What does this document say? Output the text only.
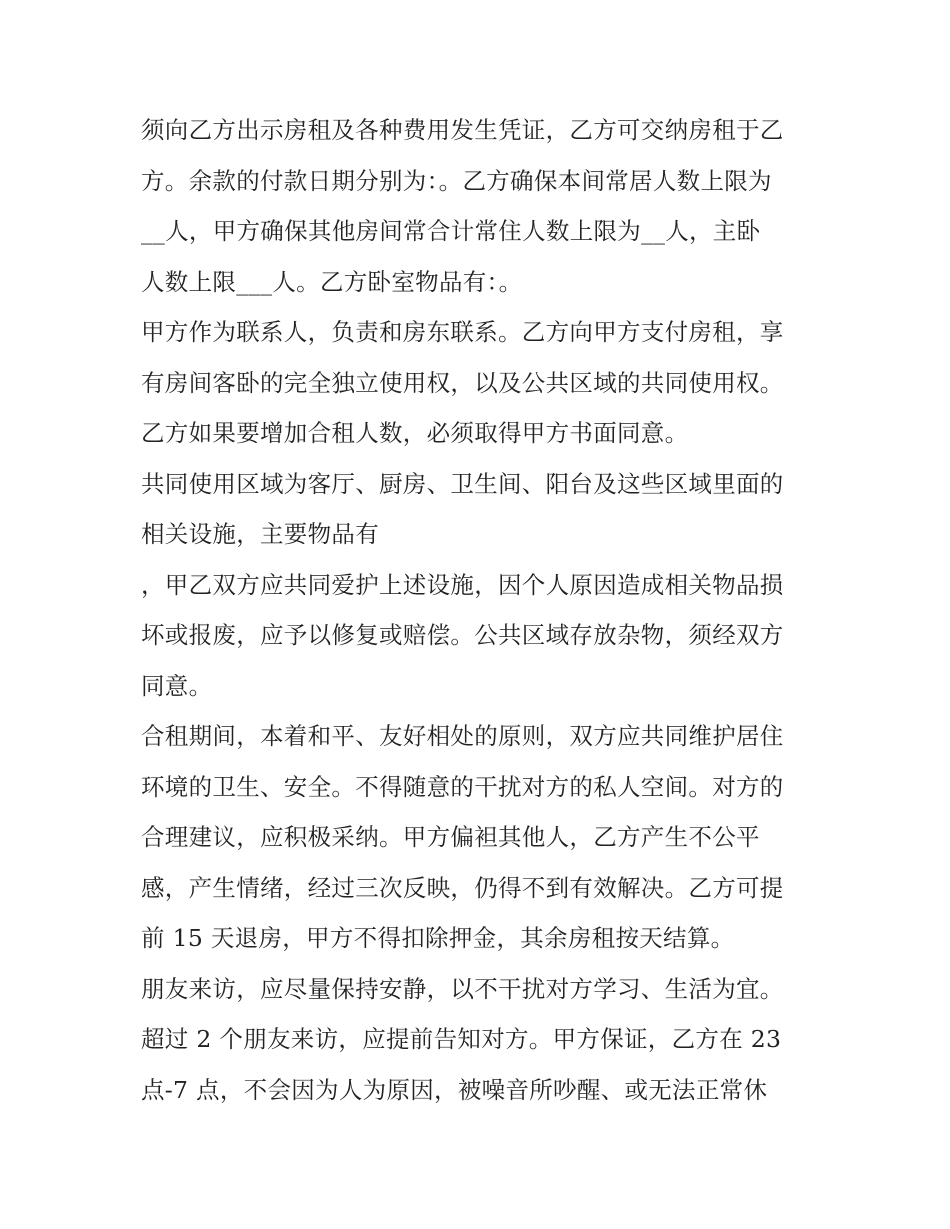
须向乙方出示房租及各种费用发生凭证，乙方可交纳房租于乙
方。余款的付款日期分别为：。乙方确保本间常居人数上限为
__人，甲方确保其他房间常合计常住人数上限为__人，主卧
人数上限___人。乙方卧室物品有：。
甲方作为联系人，负责和房东联系。乙方向甲方支付房租，享
有房间客卧的完全独立使用权，以及公共区域的共同使用权。
乙方如果要增加合租人数，必须取得甲方书面同意。
共同使用区域为客厅、厨房、卫生间、阳台及这些区域里面的
相关设施，主要物品有
，甲乙双方应共同爱护上述设施，因个人原因造成相关物品损
坏或报废，应予以修复或赔偿。公共区域存放杂物，须经双方
同意。
合租期间，本着和平、友好相处的原则，双方应共同维护居住
环境的卫生、安全。不得随意的干扰对方的私人空间。对方的
合理建议，应积极采纳。甲方偏袒其他人，乙方产生不公平
感，产生情绪，经过三次反映，仍得不到有效解决。乙方可提
前 15 天退房，甲方不得扣除押金，其余房租按天结算。
朋友来访，应尽量保持安静，以不干扰对方学习、生活为宜。
超过 2 个朋友来访，应提前告知对方。甲方保证，乙方在 23
点-7 点，不会因为人为原因，被噪音所吵醒、或无法正常休
